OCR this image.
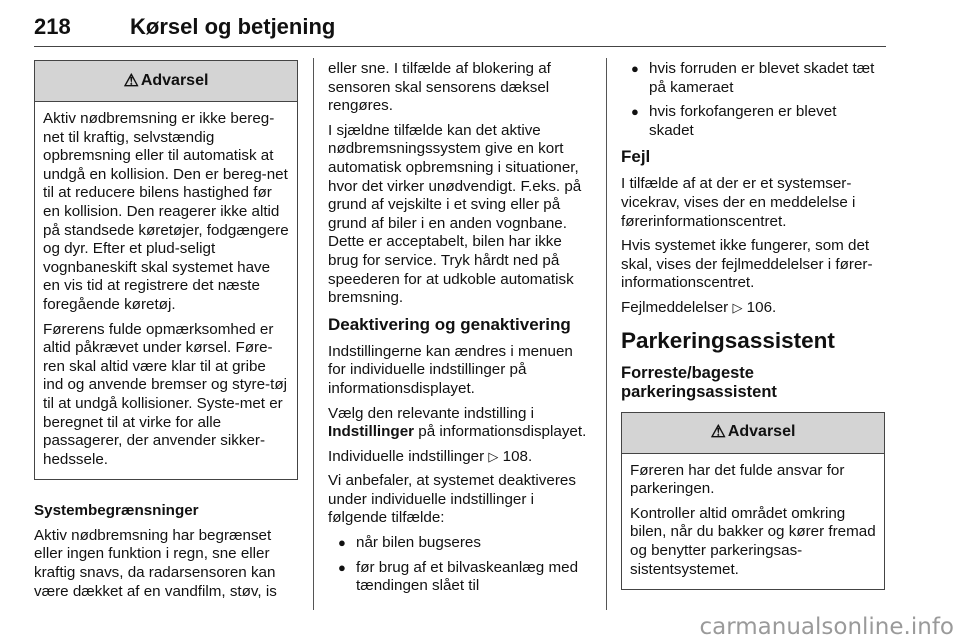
218	Kørsel og betjening
⚠ Advarsel

Aktiv nødbremsning er ikke bereg-net til kraftig, selvstændig opbremsning eller til automatisk at undgå en kollision. Den er bereg-net til at reducere bilens hastighed før en kollision. Den reagerer ikke altid på standsede køretøjer, fodgængere og dyr. Efter et plud-seligt vognbaneskift skal systemet have en vis tid at registrere det næste foregående køretøj.

Førerens fulde opmærksomhed er altid påkrævet under kørsel. Føre-ren skal altid være klar til at gribe ind og anvende bremser og styre-tøj til at undgå kollisioner. Syste-met er beregnet til at virke for alle passagerer, der anvender sikker-hedssele.

Systembegrænsninger

Aktiv nødbremsning har begrænset eller ingen funktion i regn, sne eller kraftig snavs, da radarsensoren kan være dækket af en vandfilm, støv, is

eller sne. I tilfælde af blokering af sensoren skal sensorens dæksel rengøres.

I sjældne tilfælde kan det aktive nødbremsningssystem give en kort automatisk opbremsning i situationer, hvor det virker unødvendigt. F.eks. på grund af vejskilte i et sving eller på grund af biler i en anden vognbane. Dette er acceptabelt, bilen har ikke brug for service. Tryk hårdt ned på speederen for at udkoble automatisk bremsning.

Deaktivering og genaktivering

Indstillingerne kan ændres i menuen for individuelle indstillinger på informationsdisplayet.

Vælg den relevante indstilling i Indstillinger på informationsdisplayet.

Individuelle indstillinger ▷ 108.

Vi anbefaler, at systemet deaktiveres under individuelle indstillinger i følgende tilfælde:

● når bilen bugseres
● før brug af et bilvaskeanlæg med tændingen slået til
● hvis forruden er blevet skadet tæt på kameraet
● hvis forkofangeren er blevet skadet
Fejl

I tilfælde af at der er et systemser-vicekrav, vises der en meddelelse i førerinformationscentret.

Hvis systemet ikke fungerer, som det skal, vises der fejlmeddelelser i fører-informationscentret.

Fejlmeddelelser ▷ 106.

Parkeringsassistent
Forreste/bageste
parkeringsassistent
⚠ Advarsel

Føreren har det fulde ansvar for parkeringen.

Kontroller altid området omkring bilen, når du bakker og kører fremad og benytter parkeringsas-sistentsystemet.

carmanualsonline.info
